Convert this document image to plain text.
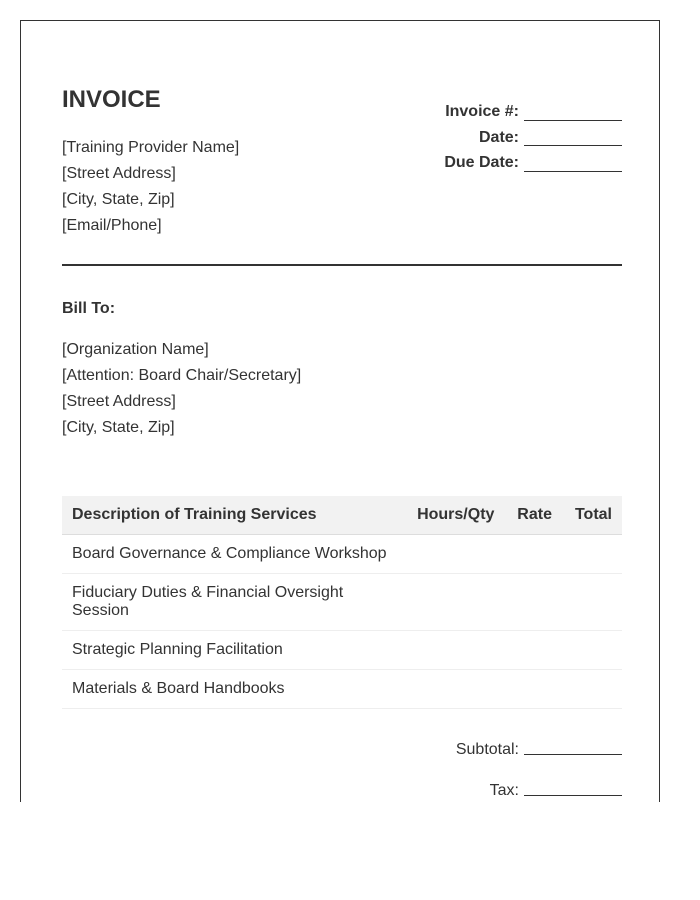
INVOICE
[Training Provider Name]
[Street Address]
[City, State, Zip]
[Email/Phone]
Invoice #:
Date:
Due Date:
Bill To:
[Organization Name]
[Attention: Board Chair/Secretary]
[Street Address]
[City, State, Zip]
Description of Training Services	Hours/Qty	Rate	Total
Board Governance & Compliance Workshop			
Fiduciary Duties & Financial Oversight Session			
Strategic Planning Facilitation			
Materials & Board Handbooks			
Subtotal:
Tax:
